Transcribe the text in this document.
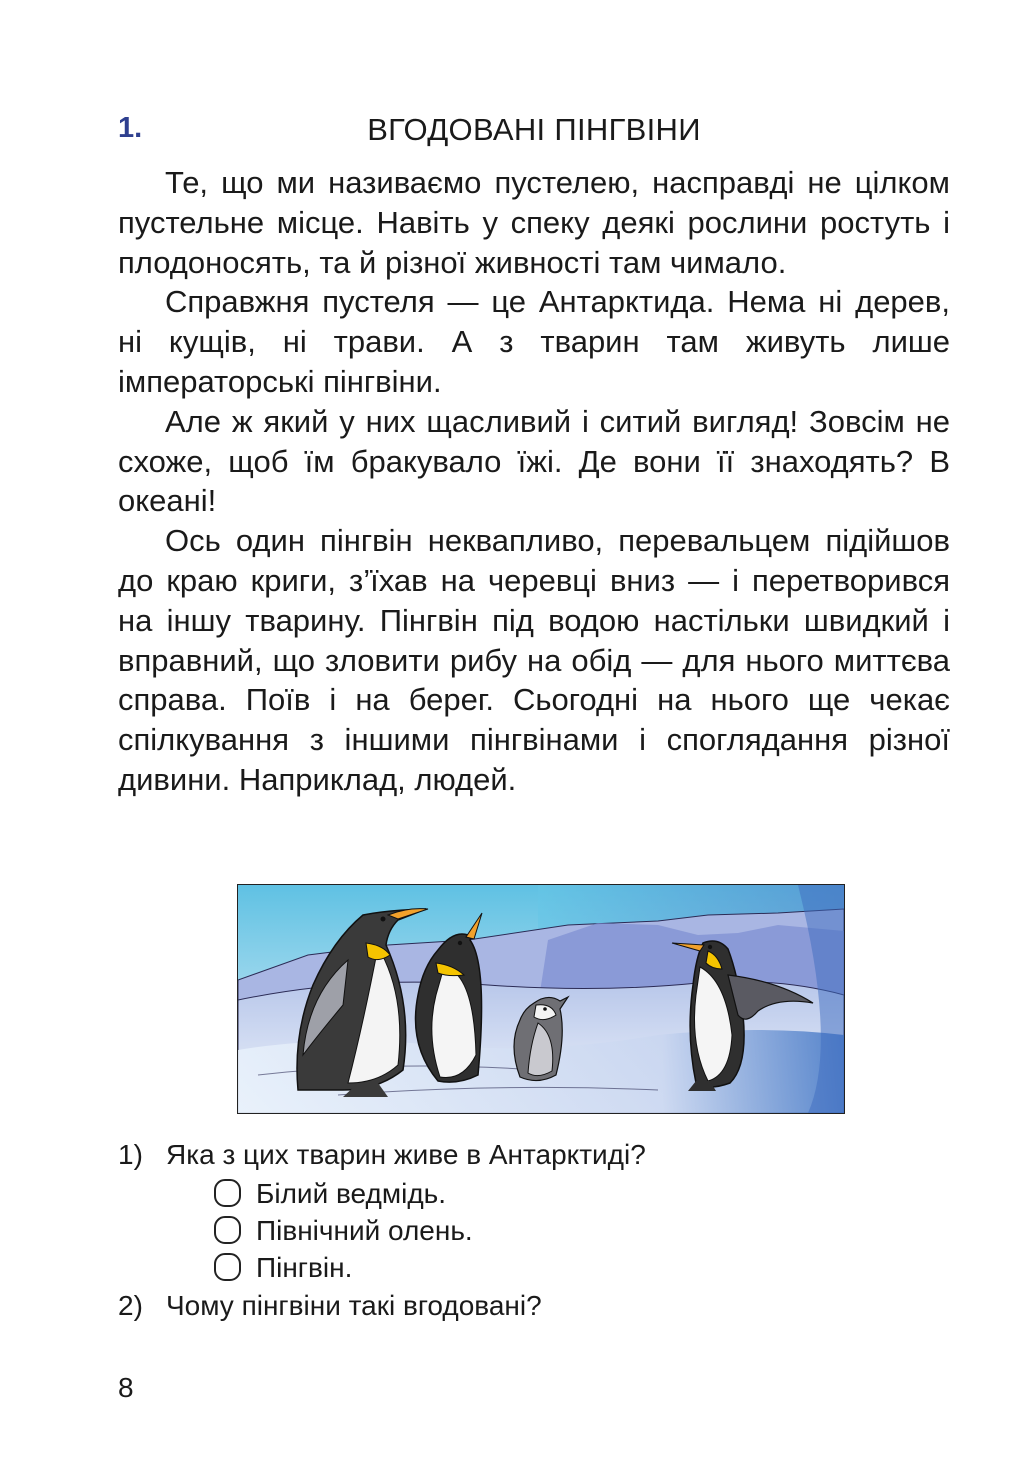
1.	ВГОДОВАНІ ПІНГВІНИ

Те, що ми називаємо пустелею, насправді не цілком пустельне місце. Навіть у спеку деякі рослини ростуть і плодоносять, та й різної живності там чимало.

Справжня пустеля — це Антарктида. Нема ні дерев, ні кущів, ні трави. А з тварин там живуть лише імператорські пінгвіни.

Але ж який у них щасливий і ситий вигляд! Зовсім не схоже, щоб їм бракувало їжі. Де вони її знаходять? В океані!

Ось один пінгвін неквапливо, перевальцем підійшов до краю криги, з’їхав на черевці вниз — і перетворився на іншу тварину. Пінгвін під водою настільки швидкий і вправний, що зловити рибу на обід — для нього миттєва справа. Поїв і на берег. Сьогодні на нього ще чекає спілкування з іншими пінгвінами і споглядання різної дивини. Наприклад, людей.

1) Яка з цих тварин живе в Антарктиді?
Білий ведмідь.
Північний олень.
Пінгвін.
2) Чому пінгвіни такі вгодовані?
8
